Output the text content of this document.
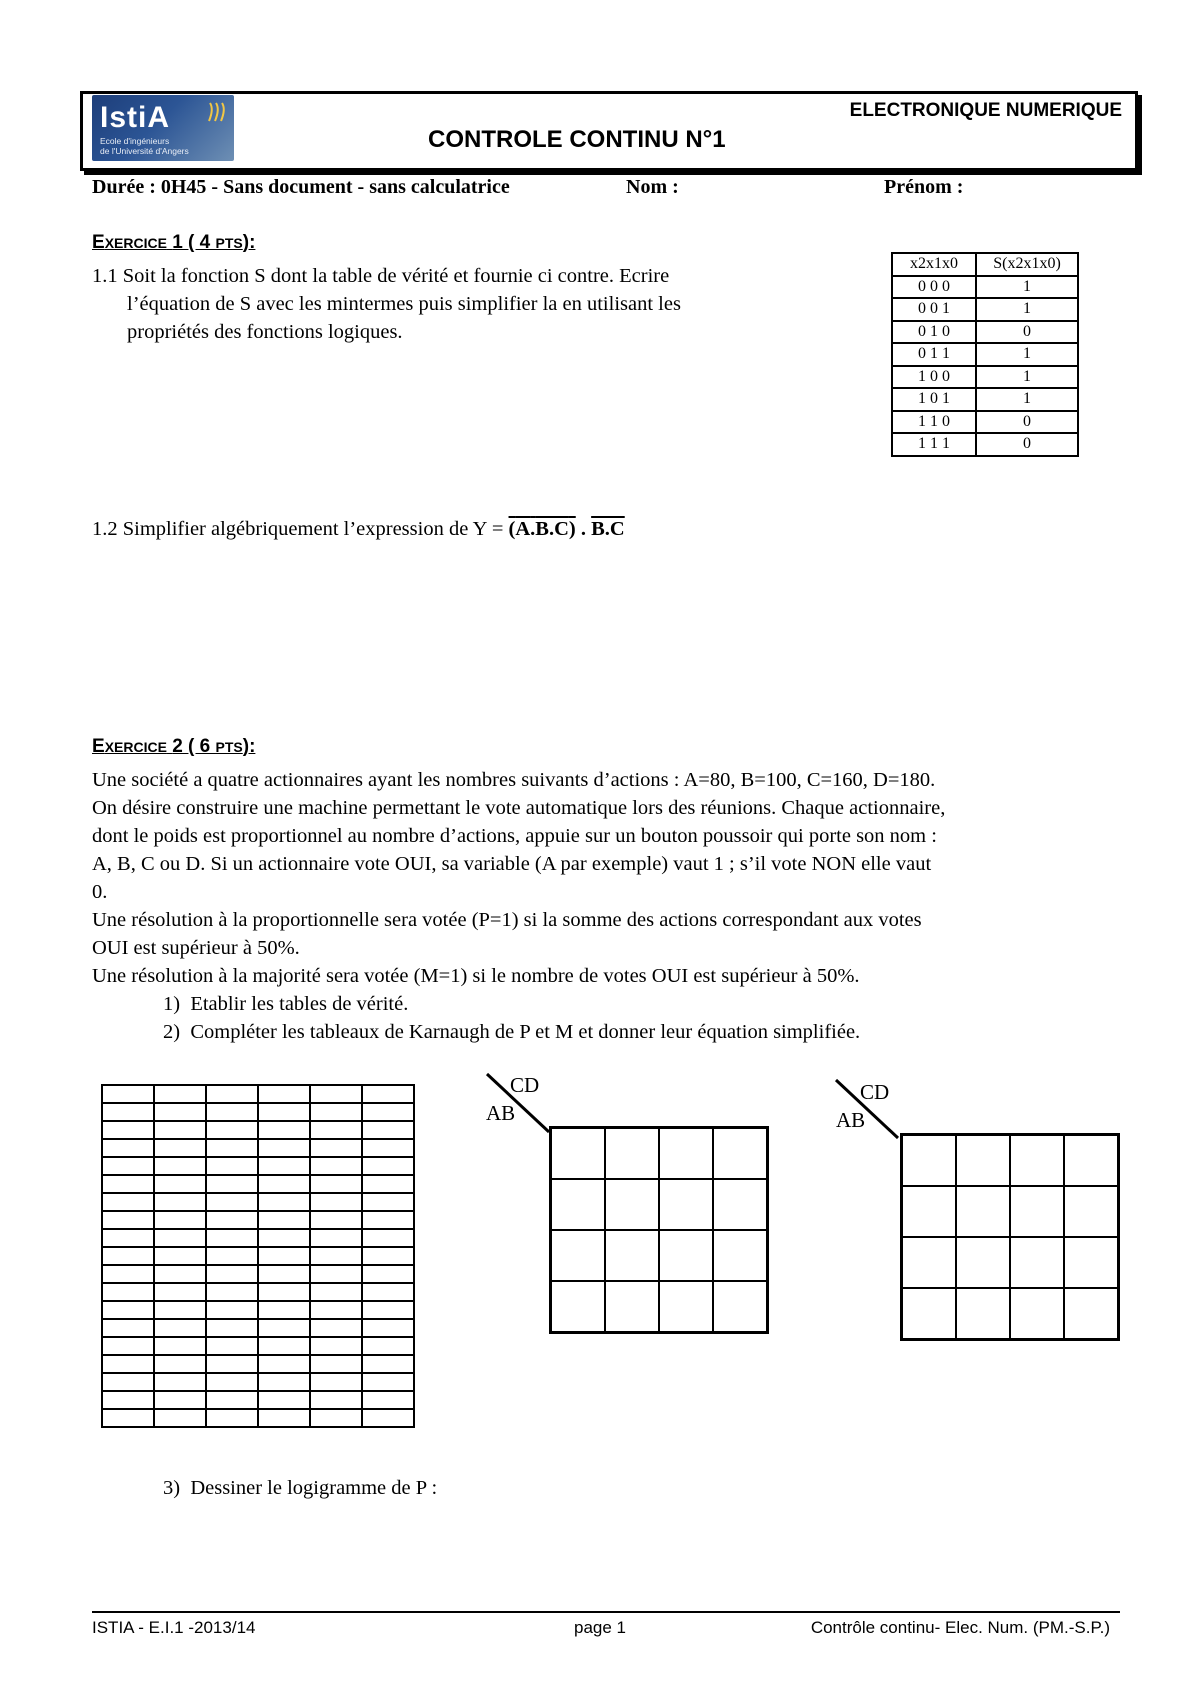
IstiA
Ecole d'ingénieurs
de l'Université d'Angers
ELECTRONIQUE NUMERIQUE
CONTROLE CONTINU N°1
Durée : 0H45 - Sans document - sans calculatrice	Nom :	Prénom :
EXERCICE 1 ( 4 PTS):
1.1 Soit la fonction S dont la table de vérité et fournie ci contre. Ecrire
l’équation de S avec les mintermes puis simplifier la en utilisant les
propriétés des fonctions logiques.
x2x1x0	S(x2x1x0)
0 0 0	1
0 0 1	1
0 1 0	0
0 1 1	1
1 0 0	1
1 0 1	1
1 1 0	0
1 1 1	0
1.2 Simplifier algébriquement l’expression de Y = (A.B.C) . B.C
EXERCICE 2 ( 6 PTS):
Une société a quatre actionnaires ayant les nombres suivants d’actions : A=80, B=100, C=160, D=180.
On désire construire une machine permettant le vote automatique lors des réunions. Chaque actionnaire,
dont le poids est proportionnel au nombre d’actions, appuie sur un bouton poussoir qui porte son nom :
A, B, C ou D. Si un actionnaire vote OUI, sa variable (A par exemple) vaut 1 ; s’il vote NON elle vaut
0.
Une résolution à la proportionnelle sera votée (P=1) si la somme des actions correspondant aux votes
OUI est supérieur à 50%.
Une résolution à la majorité sera votée (M=1) si le nombre de votes OUI est supérieur à 50%.
1) Etablir les tables de vérité.
2) Compléter les tableaux de Karnaugh de P et M et donner leur équation simplifiée.

CD
AB

CD
AB

3) Dessiner le logigramme de P :
ISTIA - E.I.1 -2013/14	page 1	Contrôle continu- Elec. Num. (PM.-S.P.)
